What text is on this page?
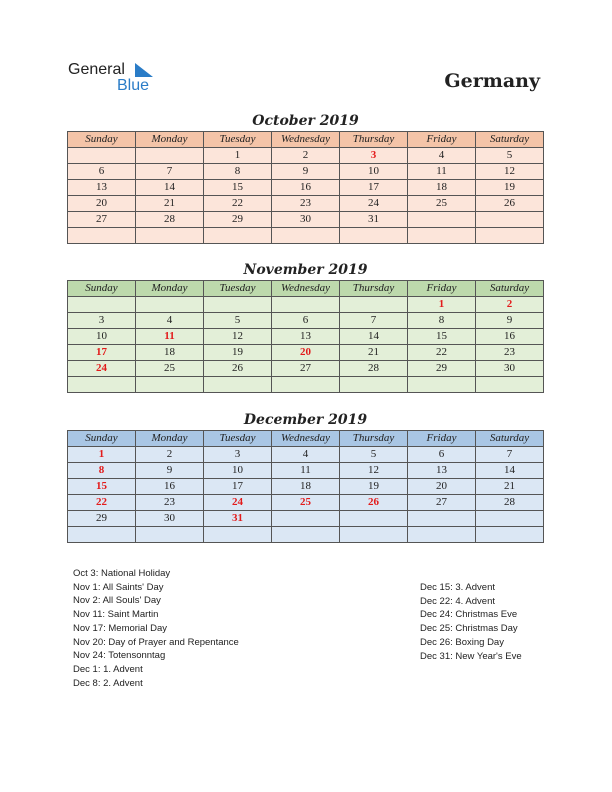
General
Blue	Germany
October 2019
Sunday	Monday	Tuesday	Wednesday	Thursday	Friday	Saturday
		1	2	3	4	5
6	7	8	9	10	11	12
13	14	15	16	17	18	19
20	21	22	23	24	25	26
27	28	29	30	31		

November 2019
Sunday	Monday	Tuesday	Wednesday	Thursday	Friday	Saturday
					1	2
3	4	5	6	7	8	9
10	11	12	13	14	15	16
17	18	19	20	21	22	23
24	25	26	27	28	29	30

December 2019
Sunday	Monday	Tuesday	Wednesday	Thursday	Friday	Saturday
1	2	3	4	5	6	7
8	9	10	11	12	13	14
15	16	17	18	19	20	21
22	23	24	25	26	27	28
29	30	31				

Oct 3: National Holiday
Nov 1: All Saints' Day
Nov 2: All Souls' Day
Nov 11: Saint Martin
Nov 17: Memorial Day
Nov 20: Day of Prayer and Repentance
Nov 24: Totensonntag
Dec 1: 1. Advent
Dec 8: 2. Advent
Dec 15: 3. Advent
Dec 22: 4. Advent
Dec 24: Christmas Eve
Dec 25: Christmas Day
Dec 26: Boxing Day
Dec 31: New Year's Eve
